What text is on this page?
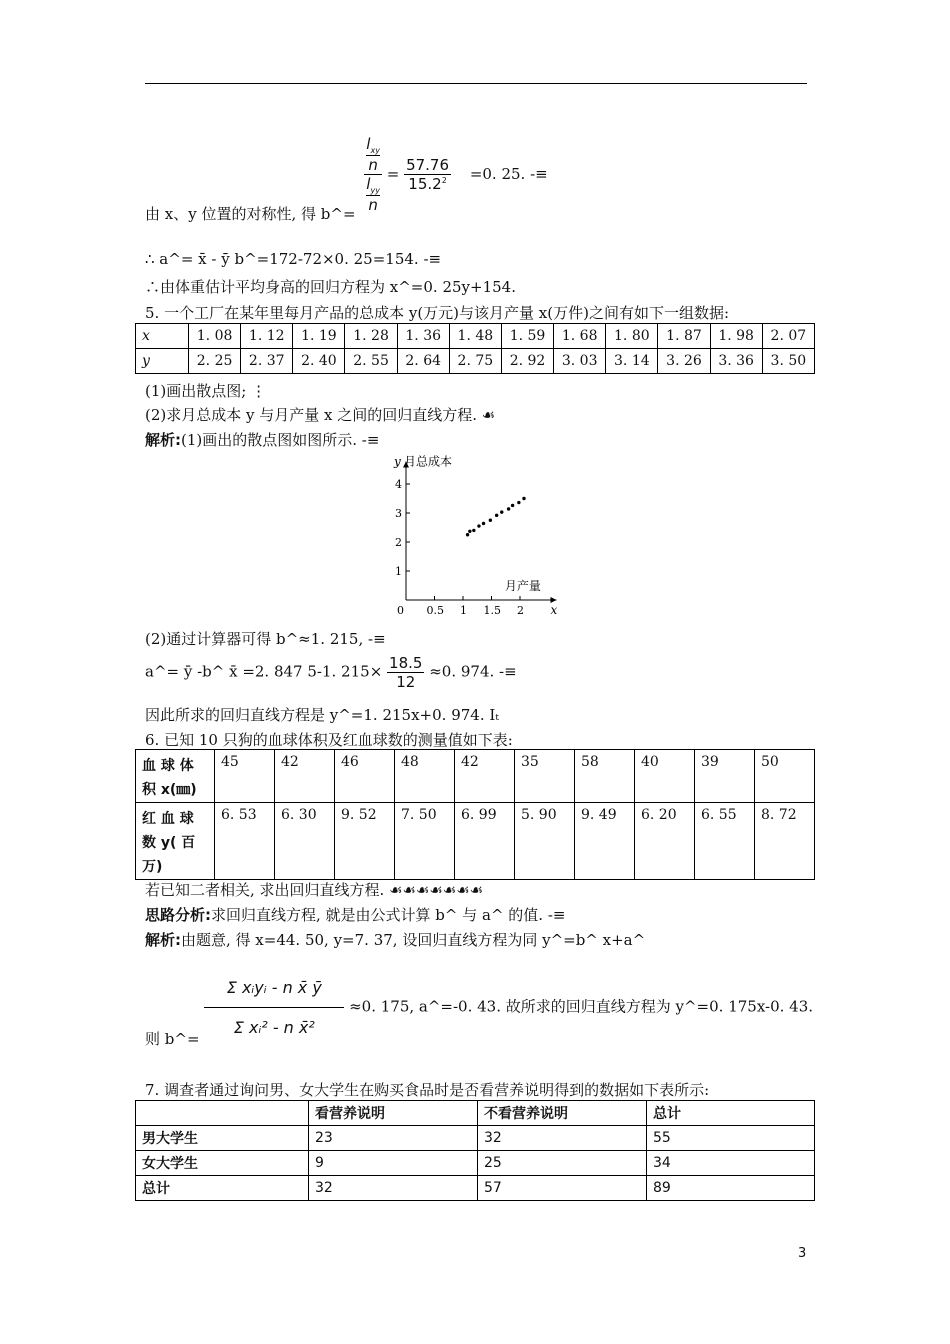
由 x、y 位置的对称性, 得 b^= $l_{xy}$
n
$l_{yy}$
$n = \frac{57.76}{15.2^2} =0$. 25. -≡
∴ a^= x̄ - ȳ b^=172-72×0. 25=154. -≡
∴由体重估计平均身高的回归方程为 x^=0. 25y+154.
5. 一个工厂在某年里每月产品的总成本 y(万元)与该月产量 x(万件)之间有如下一组数据:
x	1. 08	1. 12	1. 19	1. 28	1. 36	1. 48	1. 59	1. 68	1. 80	1. 87	1. 98	2. 07
y	2. 25	2. 37	2. 40	2. 55	2. 64	2. 75	2. 92	3. 03	3. 14	3. 26	3. 36	3. 50
(1)画出散点图; ⋮
(2)求月总成本 y 与月产量 x 之间的回归直线方程. ☙
解析:(1)画出的散点图如图所示. -≡
1
2
3
4
0 0.5 1 1.5 2
y 月总成本
月产量
x
(2)通过计算器可得 b^≈1. 215, -≡
a^= ȳ -b^ x̄ =2. 847 5-1. $215\times \frac{18.5}{12} \approx 0$. 974. -≡
因此所求的回归直线方程是 y^=1. 215x+0. 974. Iₜ
6. 已知 10 只狗的血球体积及红血球数的测量值如下表:
血 球 体
积 x(㎜)	45	42	46	48	42	35	58	40	39	50

红 血 球
数 y( 百
万)	6. 53	6. 30	9. 52	7. 50	6. 99	5. 90	9. 49	6. 20	6. 55	8. 72
若已知二者相关, 求出回归直线方程. ☙☙☙☙☙☙☙
思路分析:求回归直线方程, 就是由公式计算 b^ 与 a^ 的值. -≡
解析:由题意, 得 x=44. 50, y=7. 37, 设回归直线方程为同 y^=b^ x+a^
则 b^= $\frac{\text{Σ xᵢyᵢ - n x̄ ȳ}}{\text{Σ xᵢ² - n x̄²}} \approx 0$. 175, a^=-0. 43. 故所求的回归直线方程为 y^=0. 175x-0. 43.
7. 调查者通过询问男、女大学生在购买食品时是否看营养说明得到的数据如下表所示:
	看营养说明	不看营养说明	总计
男大学生	23	32	55
女大学生	9	25	34
总计	32	57	89
3
